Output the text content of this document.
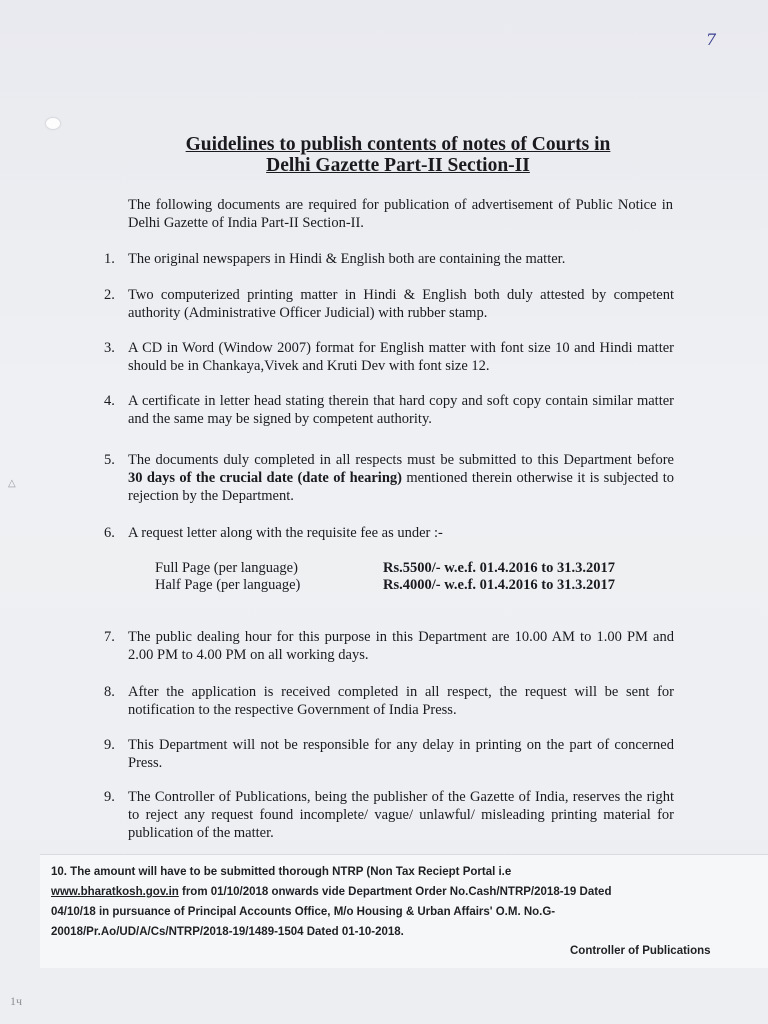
7
Guidelines to publish contents of notes of Courts in
Delhi Gazette Part-II Section-II
The following documents are required for publication of advertisement of Public Notice in Delhi Gazette of India Part-II Section-II.
1. The original newspapers in Hindi & English both are containing the matter.
2. Two computerized printing matter in Hindi & English both duly attested by competent authority (Administrative Officer Judicial) with rubber stamp.
3. A CD in Word (Window 2007) format for English matter with font size 10 and Hindi matter should be in Chankaya,Vivek and Kruti Dev with font size 12.
4. A certificate in letter head stating therein that hard copy and soft copy contain similar matter and the same may be signed by competent authority.
5. The documents duly completed in all respects must be submitted to this Department before 30 days of the crucial date (date of hearing) mentioned therein otherwise it is subjected to rejection by the Department.
6. A request letter along with the requisite fee as under :-
Full Page (per language)	Rs.5500/- w.e.f. 01.4.2016 to 31.3.2017
Half Page (per language)	Rs.4000/- w.e.f. 01.4.2016 to 31.3.2017
7. The public dealing hour for this purpose in this Department are 10.00 AM to 1.00 PM and 2.00 PM to 4.00 PM on all working days.
8. After the application is received completed in all respect, the request will be sent for notification to the respective Government of India Press.
9. This Department will not be responsible for any delay in printing on the part of concerned Press.
9. The Controller of Publications, being the publisher of the Gazette of India, reserves the right to reject any request found incomplete/ vague/ unlawful/ misleading printing material for publication of the matter.
10. The amount will have to be submitted thorough NTRP (Non Tax Reciept Portal i.e
www.bharatkosh.gov.in from 01/10/2018 onwards vide Department Order No.Cash/NTRP/2018-19 Dated 04/10/18 in pursuance of Principal Accounts Office, M/o Housing & Urban Affairs' O.M. No.G-20018/Pr.Ao/UD/A/Cs/NTRP/2018-19/1489-1504 Dated 01-10-2018.
Controller of Publications
△
1ч
